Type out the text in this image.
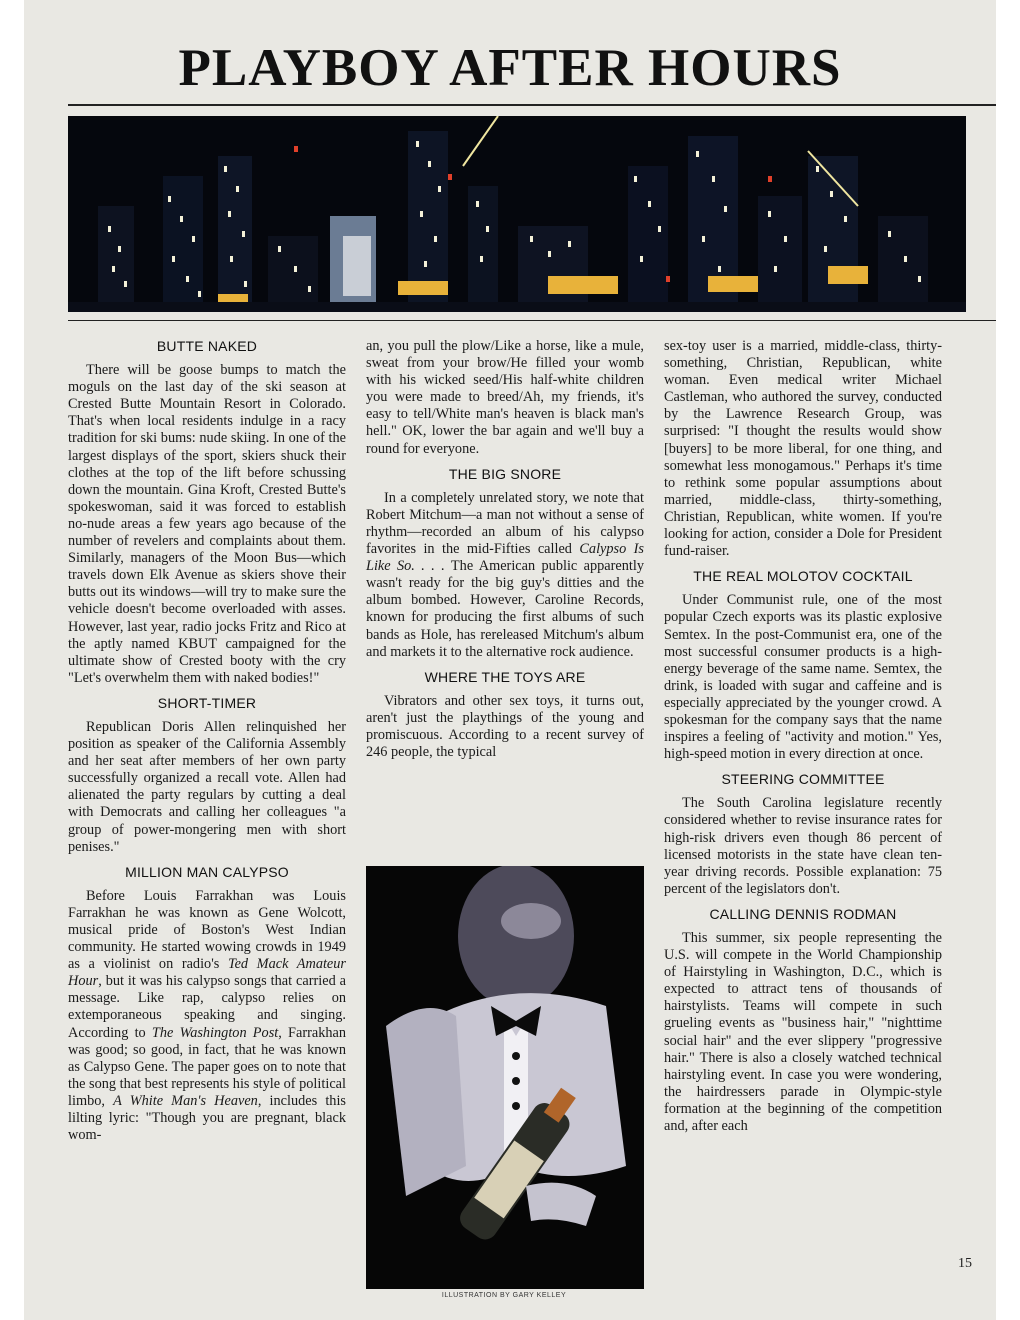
PLAYBOY AFTER HOURS
BUTTE NAKED

There will be goose bumps to match the moguls on the last day of the ski season at Crested Butte Mountain Resort in Colorado. That's when local residents indulge in a racy tradition for ski bums: nude skiing. In one of the largest displays of the sport, skiers shuck their clothes at the top of the lift before schussing down the mountain. Gina Kroft, Crested Butte's spokeswoman, said it was forced to establish no-nude areas a few years ago because of the number of revelers and complaints about them. Similarly, managers of the Moon Bus—which travels down Elk Avenue as skiers shove their butts out its windows—will try to make sure the vehicle doesn't become overloaded with asses. However, last year, radio jocks Fritz and Rico at the aptly named KBUT campaigned for the ultimate show of Crested booty with the cry "Let's overwhelm them with naked bodies!"

SHORT-TIMER

Republican Doris Allen relinquished her position as speaker of the California Assembly and her seat after members of her own party successfully organized a recall vote. Allen had alienated the party regulars by cutting a deal with Democrats and calling her colleagues "a group of power-mongering men with short penises."

MILLION MAN CALYPSO

Before Louis Farrakhan was Louis Farrakhan he was known as Gene Wolcott, musical pride of Boston's West Indian community. He started wowing crowds in 1949 as a violinist on radio's Ted Mack Amateur Hour, but it was his calypso songs that carried a message. Like rap, calypso relies on extemporaneous speaking and singing. According to The Washington Post, Farrakhan was good; so good, in fact, that he was known as Calypso Gene. The paper goes on to note that the song that best represents his style of political limbo, A White Man's Heaven, includes this lilting lyric: "Though you are pregnant, black wom-

an, you pull the plow/Like a horse, like a mule, sweat from your brow/He filled your womb with his wicked seed/His half-white children you were made to breed/Ah, my friends, it's easy to tell/White man's heaven is black man's hell." OK, lower the bar again and we'll buy a round for everyone.

THE BIG SNORE

In a completely unrelated story, we note that Robert Mitchum—a man not without a sense of rhythm—recorded an album of his calypso favorites in the mid-Fifties called Calypso Is Like So. . . . The American public apparently wasn't ready for the big guy's ditties and the album bombed. However, Caroline Records, known for producing the first albums of such bands as Hole, has rereleased Mitchum's album and markets it to the alternative rock audience.

WHERE THE TOYS ARE

Vibrators and other sex toys, it turns out, aren't just the playthings of the young and promiscuous. According to a recent survey of 246 people, the typical

sex-toy user is a married, middle-class, thirty-something, Christian, Republican, white woman. Even medical writer Michael Castleman, who authored the survey, conducted by the Lawrence Research Group, was surprised: "I thought the results would show [buyers] to be more liberal, for one thing, and somewhat less monogamous." Perhaps it's time to rethink some popular assumptions about married, middle-class, thirty-something, Christian, Republican, white women. If you're looking for action, consider a Dole for President fund-raiser.

THE REAL MOLOTOV COCKTAIL

Under Communist rule, one of the most popular Czech exports was its plastic explosive Semtex. In the post-Communist era, one of the most successful consumer products is a high-energy beverage of the same name. Semtex, the drink, is loaded with sugar and caffeine and is especially appreciated by the younger crowd. A spokesman for the company says that the name inspires a feeling of "activity and motion." Yes, high-speed motion in every direction at once.

STEERING COMMITTEE

The South Carolina legislature recently considered whether to revise insurance rates for high-risk drivers even though 86 percent of licensed motorists in the state have clean ten-year driving records. Possible explanation: 75 percent of the legislators don't.

CALLING DENNIS RODMAN

This summer, six people representing the U.S. will compete in the World Championship of Hairstyling in Washington, D.C., which is expected to attract tens of thousands of hairstylists. Teams will compete in such grueling events as "business hair," "nighttime social hair" and the ever slippery "progressive hair." There is also a closely watched technical hairstyling event. In case you were wondering, the hairdressers parade in Olympic-style formation at the beginning of the competition and, after each

15
ILLUSTRATION BY GARY KELLEY
